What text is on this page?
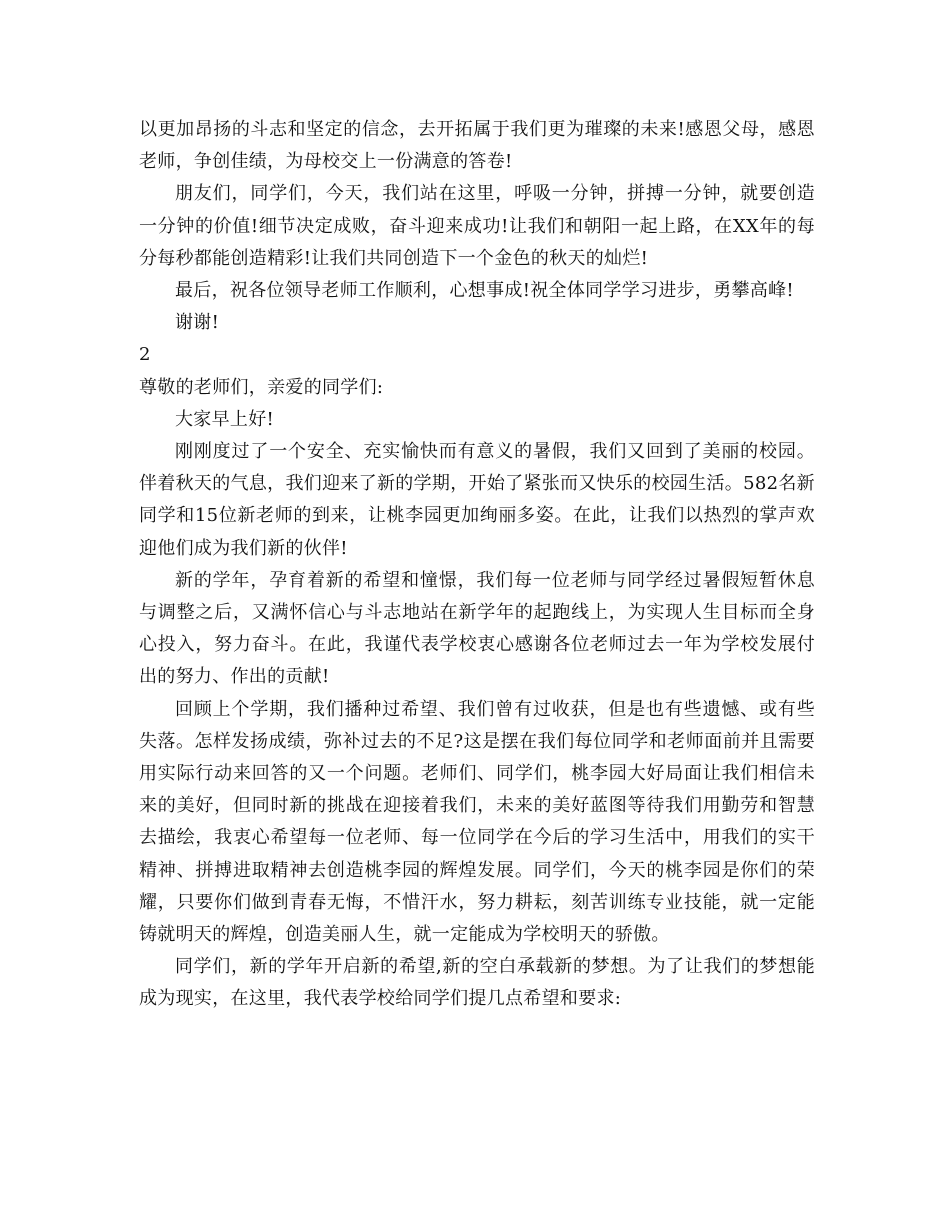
以更加昂扬的斗志和坚定的信念，去开拓属于我们更为璀璨的未来!感恩父母，感恩老师，争创佳绩，为母校交上一份满意的答卷!

朋友们，同学们，今天，我们站在这里，呼吸一分钟，拼搏一分钟，就要创造一分钟的价值!细节决定成败，奋斗迎来成功!让我们和朝阳一起上路，在XX年的每分每秒都能创造精彩!让我们共同创造下一个金色的秋天的灿烂!

最后，祝各位领导老师工作顺利，心想事成!祝全体同学学习进步，勇攀高峰!

谢谢!

2

尊敬的老师们，亲爱的同学们:

大家早上好!

刚刚度过了一个安全、充实愉快而有意义的暑假，我们又回到了美丽的校园。伴着秋天的气息，我们迎来了新的学期，开始了紧张而又快乐的校园生活。582名新同学和15位新老师的到来，让桃李园更加绚丽多姿。在此，让我们以热烈的掌声欢迎他们成为我们新的伙伴!

新的学年，孕育着新的希望和憧憬，我们每一位老师与同学经过暑假短暂休息与调整之后，又满怀信心与斗志地站在新学年的起跑线上，为实现人生目标而全身心投入，努力奋斗。在此，我谨代表学校衷心感谢各位老师过去一年为学校发展付出的努力、作出的贡献!

回顾上个学期，我们播种过希望、我们曾有过收获，但是也有些遗憾、或有些失落。怎样发扬成绩，弥补过去的不足?这是摆在我们每位同学和老师面前并且需要用实际行动来回答的又一个问题。老师们、同学们，桃李园大好局面让我们相信未来的美好，但同时新的挑战在迎接着我们，未来的美好蓝图等待我们用勤劳和智慧去描绘，我衷心希望每一位老师、每一位同学在今后的学习生活中，用我们的实干精神、拼搏进取精神去创造桃李园的辉煌发展。同学们，今天的桃李园是你们的荣耀，只要你们做到青春无悔，不惜汗水，努力耕耘，刻苦训练专业技能，就一定能铸就明天的辉煌，创造美丽人生，就一定能成为学校明天的骄傲。

同学们，新的学年开启新的希望,新的空白承载新的梦想。为了让我们的梦想能成为现实，在这里，我代表学校给同学们提几点希望和要求:
